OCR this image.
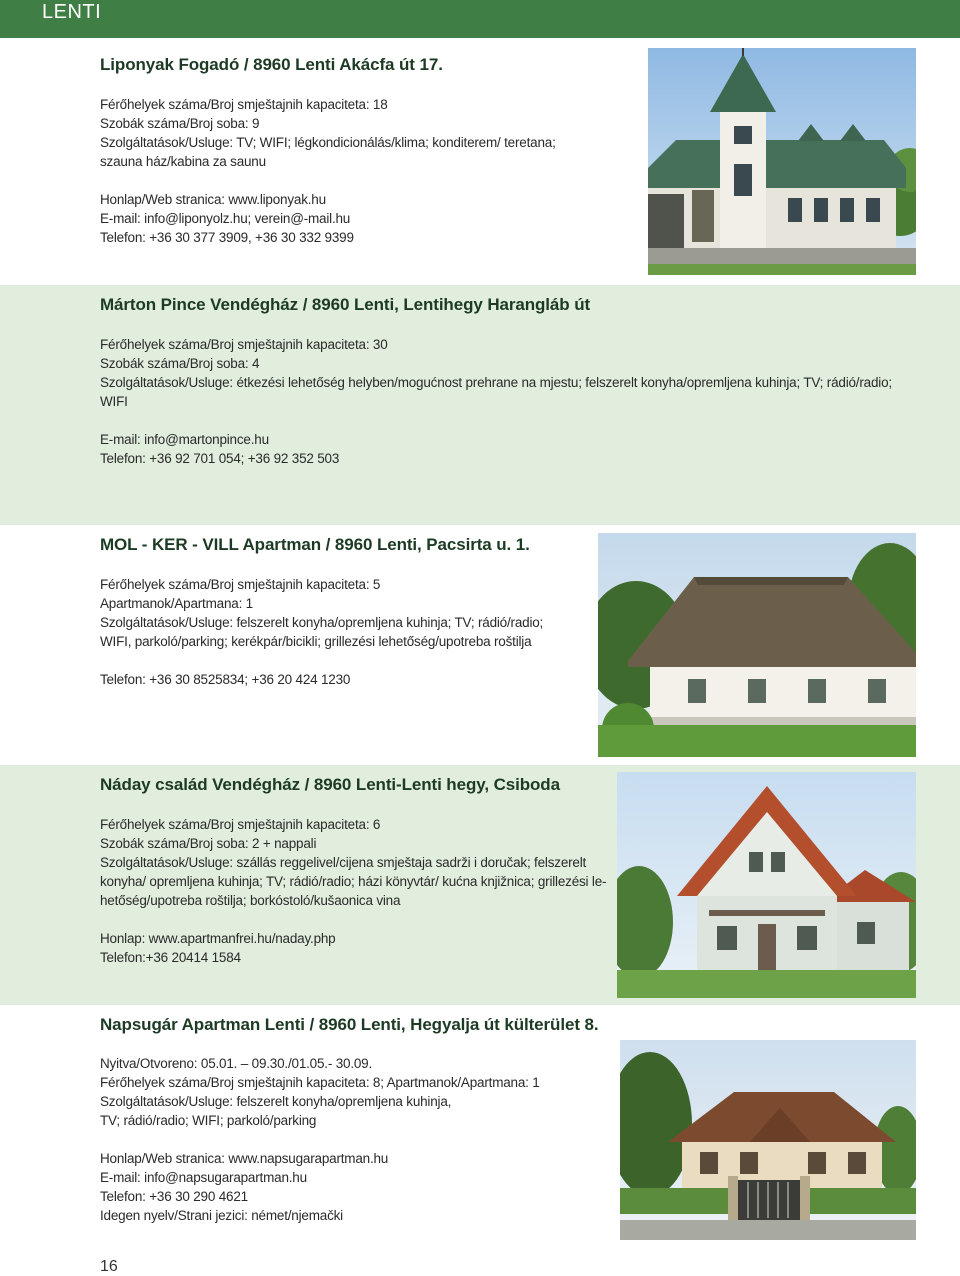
LENTI
Liponyak Fogadó / 8960 Lenti Akácfa út 17.
Férőhelyek száma/Broj smještajnih kapaciteta: 18
Szobák száma/Broj soba: 9
Szolgáltatások/Usluge: TV; WIFI; légkondicionálás/klima; konditerem/ teretana;
szauna ház/kabina za saunu
Honlap/Web stranica: www.liponyak.hu
E-mail: info@liponyolz.hu; verein@-mail.hu
Telefon: +36 30 377 3909, +36 30 332 9399
Márton Pince Vendégház / 8960 Lenti, Lentihegy Harangláb út
Férőhelyek száma/Broj smještajnih kapaciteta: 30
Szobák száma/Broj soba: 4
Szolgáltatások/Usluge: étkezési lehetőség helyben/mogućnost prehrane na mjestu; felszerelt konyha/opremljena kuhinja; TV; rádió/radio;
WIFI
E-mail: info@martonpince.hu
Telefon: +36 92 701 054; +36 92 352 503
MOL - KER - VILL Apartman / 8960 Lenti, Pacsirta u. 1.
Férőhelyek száma/Broj smještajnih kapaciteta: 5
Apartmanok/Apartmana: 1
Szolgáltatások/Usluge: felszerelt konyha/opremljena kuhinja; TV; rádió/radio;
WIFI, parkoló/parking; kerékpár/bicikli; grillezési lehetőség/upotreba roštilja
Telefon: +36 30 8525834; +36 20 424 1230
Náday család Vendégház / 8960 Lenti-Lenti hegy, Csiboda
Férőhelyek száma/Broj smještajnih kapaciteta: 6
Szobák száma/Broj soba: 2 + nappali
Szolgáltatások/Usluge: szállás reggelivel/cijena smještaja sadrži i doručak; felszerelt
konyha/ opremljena kuhinja; TV; rádió/radio; házi könyvtár/ kućna knjižnica; grillezési le-
hetőség/upotreba roštilja; borkóstoló/kušaonica vina
Honlap: www.apartmanfrei.hu/naday.php
Telefon:+36 20414 1584
Napsugár Apartman Lenti / 8960 Lenti, Hegyalja út külterület 8.
Nyitva/Otvoreno: 05.01. – 09.30./01.05.- 30.09.
Férőhelyek száma/Broj smještajnih kapaciteta: 8; Apartmanok/Apartmana: 1
Szolgáltatások/Usluge: felszerelt konyha/opremljena kuhinja,
TV; rádió/radio; WIFI; parkoló/parking
Honlap/Web stranica: www.napsugarapartman.hu
E-mail: info@napsugarapartman.hu
Telefon: +36 30 290 4621
Idegen nyelv/Strani jezici: német/njemački
16
